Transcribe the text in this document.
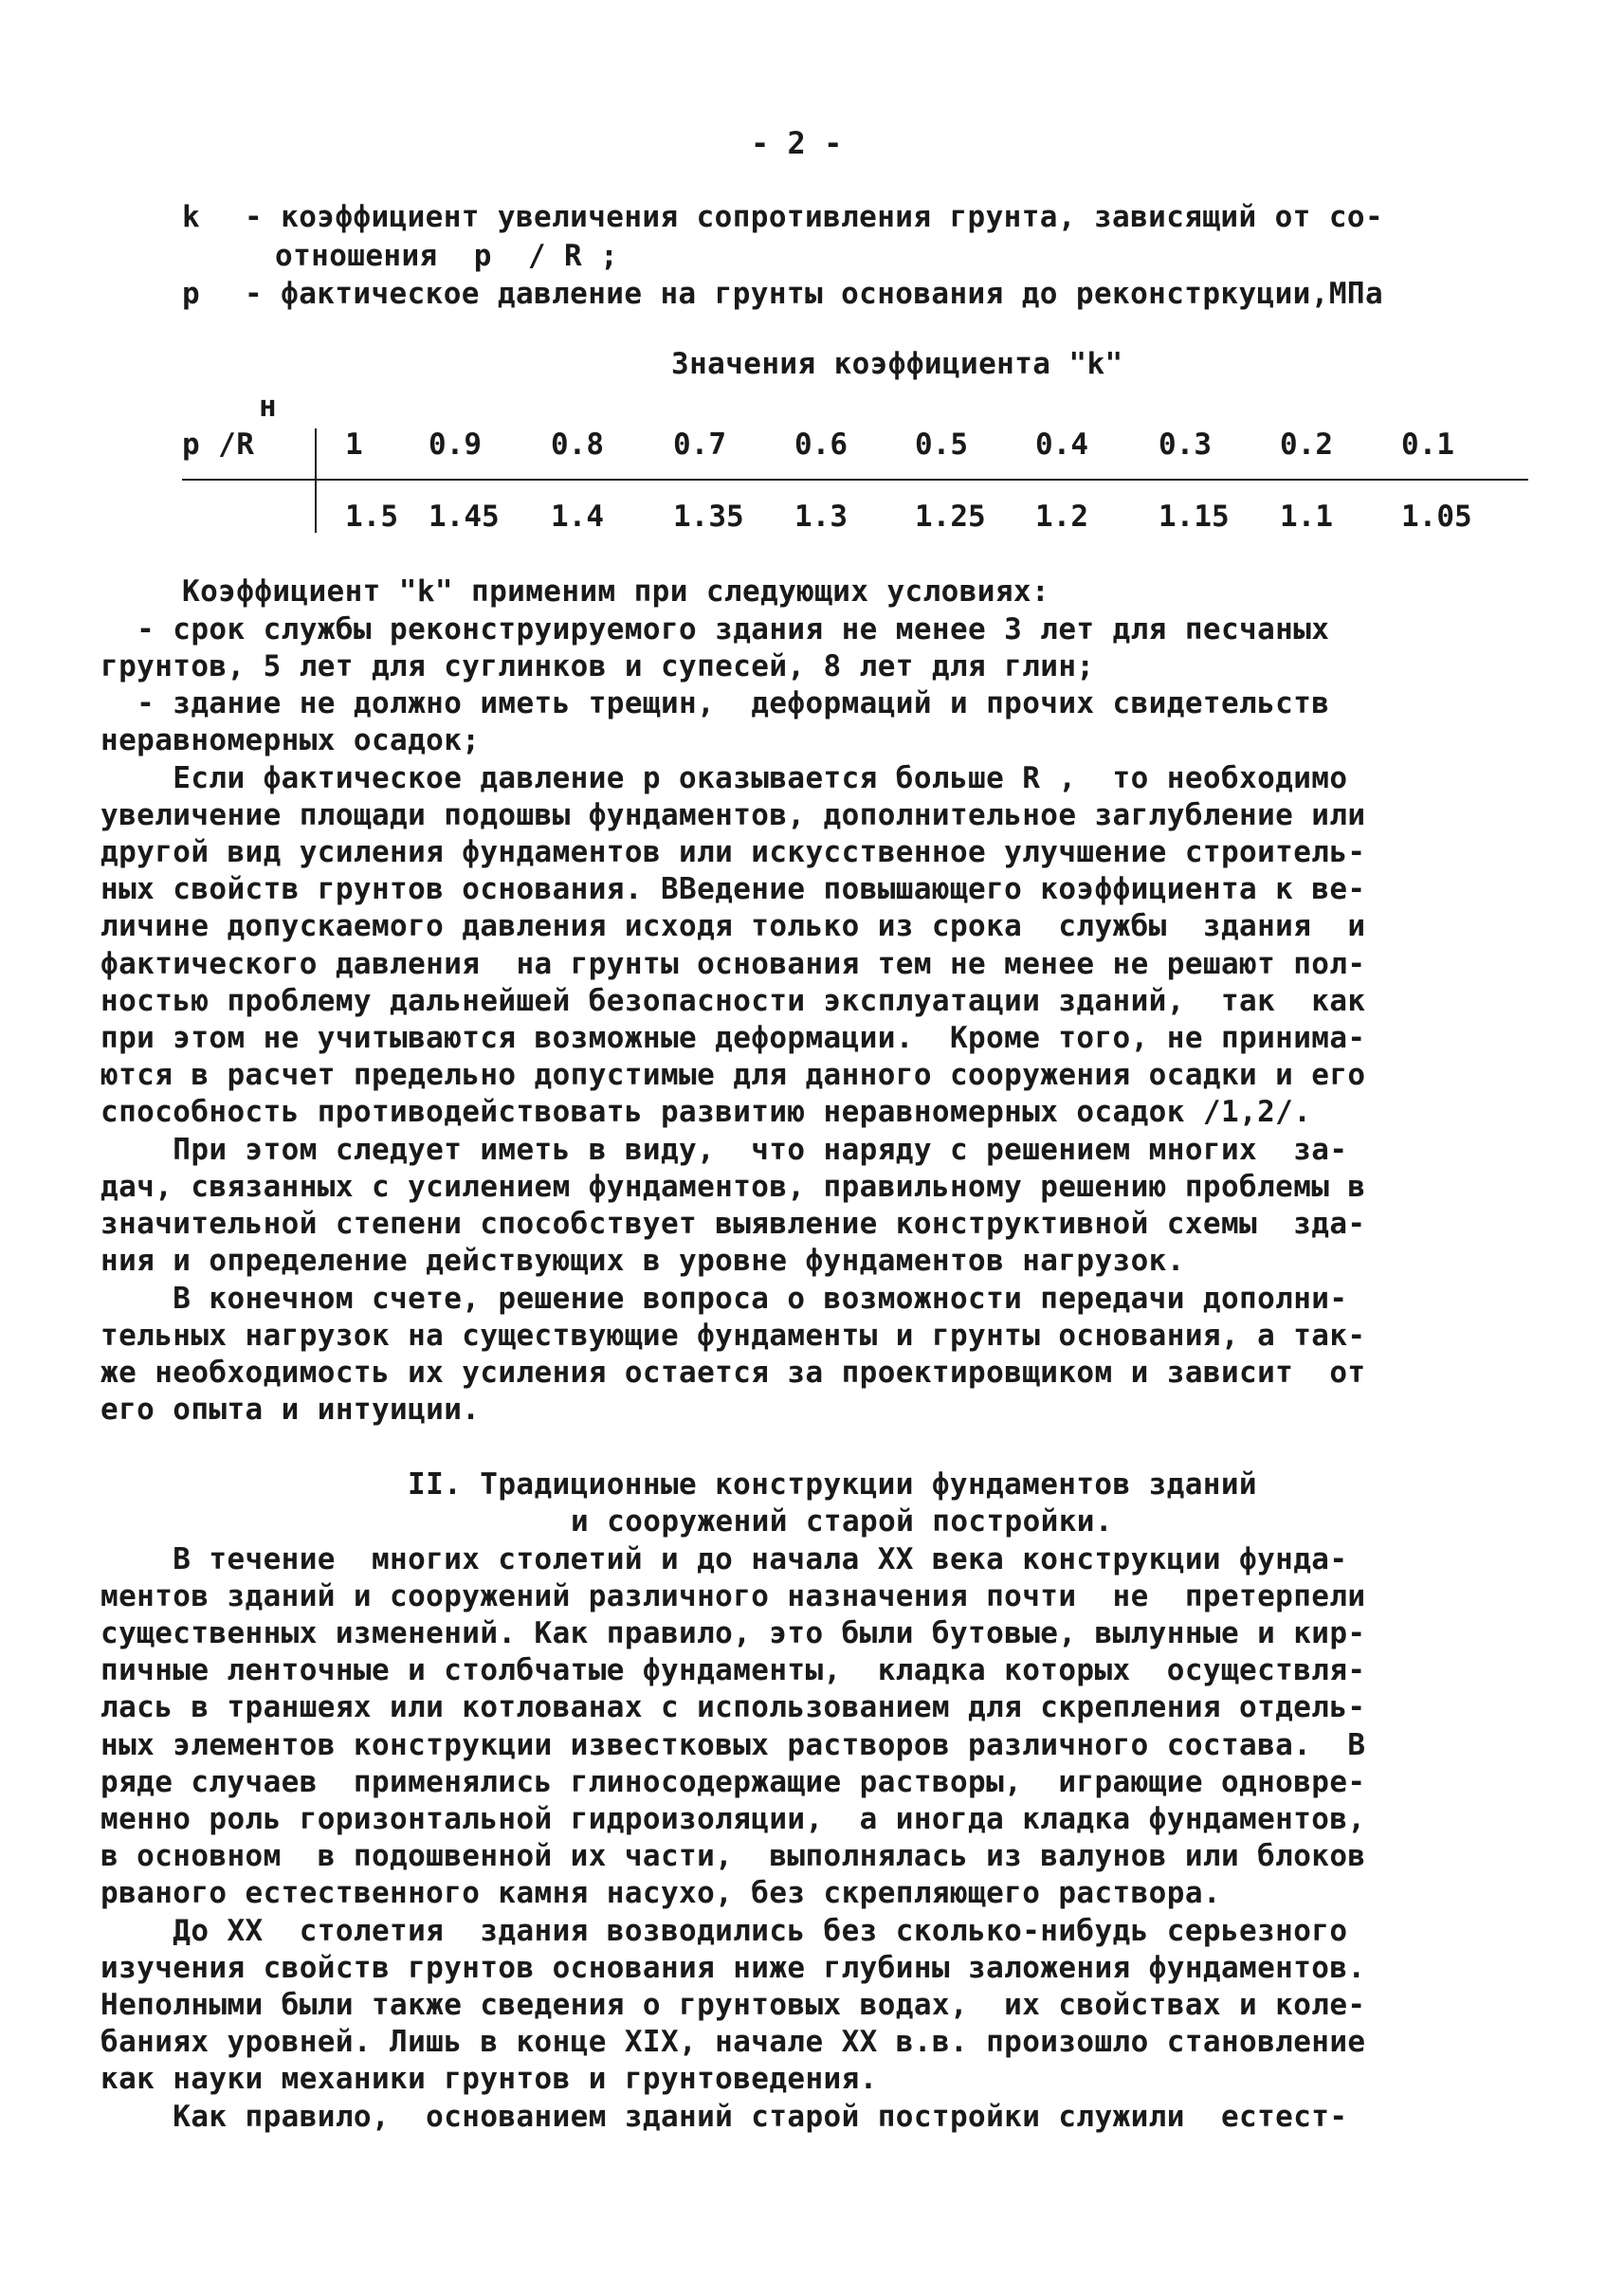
- 2 -
k - коэффициент увеличения сопротивления грунта, зависящий от со-
отношения  p  / R ;
p - фактическое давление на грунты основания до реконстркуции,МПа
Значения коэффициента "k"
н
p /R	1 0.9 0.8 0.7 0.6 0.5 0.4 0.3 0.2 0.1
1.5 1.45 1.4 1.35 1.3 1.25 1.2 1.15 1.1 1.05
Коэффициент "k" применим при следующих условиях:
- срок службы реконструируемого здания не менее 3 лет для песчаных
грунтов, 5 лет для суглинков и супесей, 8 лет для глин;
- здание не должно иметь трещин,  деформаций и прочих свидетельств
неравномерных осадок;
Если фактическое давление p оказывается больше R ,  то необходимо
увеличение площади подошвы фундаментов, дополнительное заглубление или
другой вид усиления фундаментов или искусственное улучшение строитель-
ных свойств грунтов основания. ВВедение повышающего коэффициента к ве-
личине допускаемого давления исходя только из срока  службы  здания  и
фактического давления  на грунты основания тем не менее не решают пол-
ностью проблему дальнейшей безопасности эксплуатации зданий,  так  как
при этом не учитываются возможные деформации.  Кроме того, не принима-
ются в расчет предельно допустимые для данного сооружения осадки и его
способность противодействовать развитию неравномерных осадок /1,2/.
При этом следует иметь в виду,  что наряду с решением многих  за-
дач, связанных с усилением фундаментов, правильному решению проблемы в
значительной степени способствует выявление конструктивной схемы  зда-
ния и определение действующих в уровне фундаментов нагрузок.
В конечном счете, решение вопроса о возможности передачи дополни-
тельных нагрузок на существующие фундаменты и грунты основания, а так-
же необходимость их усиления остается за проектировщиком и зависит  от
его опыта и интуиции.
II. Традиционные конструкции фундаментов зданий
и сооружений старой постройки.
В течение  многих столетий и до начала XX века конструкции фунда-
ментов зданий и сооружений различного назначения почти  не  претерпели
существенных изменений. Как правило, это были бутовые, вылунные и кир-
пичные ленточные и столбчатые фундаменты,  кладка которых  осуществля-
лась в траншеях или котлованах с использованием для скрепления отдель-
ных элементов конструкции известковых растворов различного состава.  В
ряде случаев  применялись глиносодержащие растворы,  играющие одновре-
менно роль горизонтальной гидроизоляции,  а иногда кладка фундаментов,
в основном  в подошвенной их части,  выполнялась из валунов или блоков
рваного естественного камня насухо, без скрепляющего раствора.
До XX  столетия  здания возводились без сколько-нибудь серьезного
изучения свойств грунтов основания ниже глубины заложения фундаментов.
Неполными были также сведения о грунтовых водах,  их свойствах и коле-
баниях уровней. Лишь в конце XIX, начале XX в.в. произошло становление
как науки механики грунтов и грунтоведения.
Как правило,  основанием зданий старой постройки служили  естест-
